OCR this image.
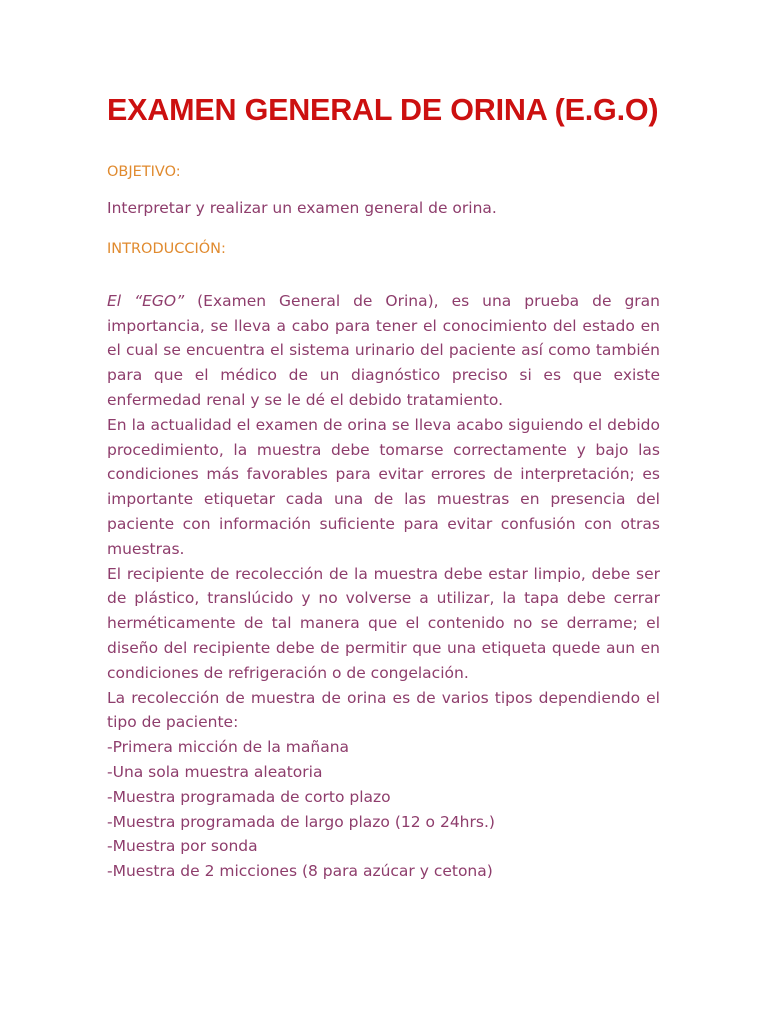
EXAMEN GENERAL DE ORINA (E.G.O)
OBJETIVO:

Interpretar y realizar un examen general de orina.

INTRODUCCIÓN:

El “EGO” (Examen General de Orina), es una prueba de gran importancia, se lleva a cabo para tener el conocimiento del estado en el cual se encuentra el sistema urinario del paciente así como también para que el médico de un diagnóstico preciso si es que existe enfermedad renal y se le dé el debido tratamiento.

En la actualidad el examen de orina se lleva acabo siguiendo el debido procedimiento, la muestra debe tomarse correctamente y bajo las condiciones más favorables para evitar errores de interpretación; es importante etiquetar cada una de las muestras en presencia del paciente con información suficiente para evitar confusión con otras muestras.

El recipiente de recolección de la muestra debe estar limpio, debe ser de plástico, translúcido y no volverse a utilizar, la tapa debe cerrar herméticamente de tal manera que el contenido no se derrame; el diseño del recipiente debe de permitir que una etiqueta quede aun en condiciones de refrigeración o de congelación.

La recolección de muestra de orina es de varios tipos dependiendo el tipo de paciente:

-Primera micción de la mañana
-Una sola muestra aleatoria
-Muestra programada de corto plazo
-Muestra programada de largo plazo (12 o 24hrs.)
-Muestra por sonda
-Muestra de 2 micciones (8 para azúcar y cetona)
